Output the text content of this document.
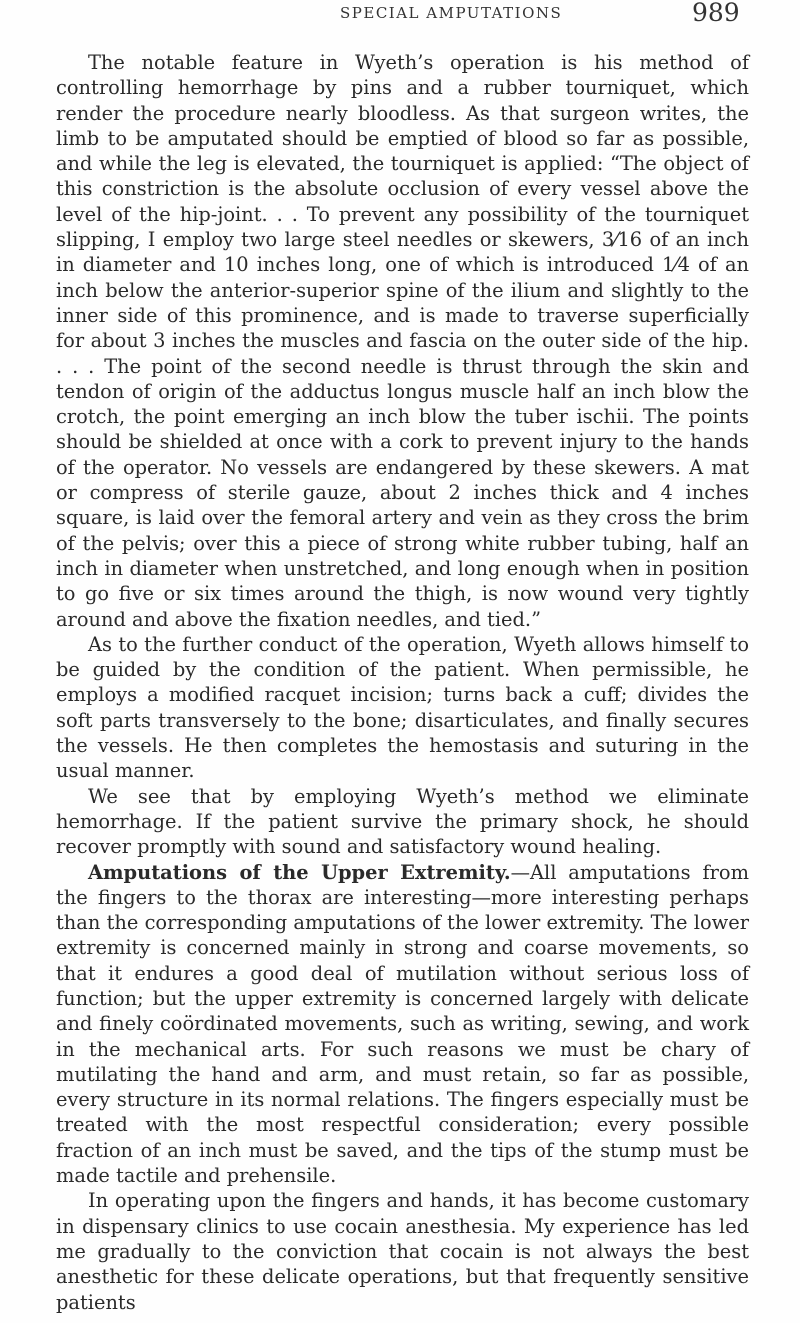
SPECIAL AMPUTATIONS	989

The notable feature in Wyeth’s operation is his method of controlling hemorrhage by pins and a rubber tourniquet, which render the procedure nearly bloodless. As that surgeon writes, the limb to be amputated should be emptied of blood so far as possible, and while the leg is elevated, the tourniquet is applied: “The object of this constriction is the absolute occlusion of every vessel above the level of the hip-joint. . . To prevent any possibility of the tourniquet slipping, I employ two large steel needles or skewers, 3⁄16 of an inch in diameter and 10 inches long, one of which is introduced 1⁄4 of an inch below the anterior-superior spine of the ilium and slightly to the inner side of this prominence, and is made to traverse superficially for about 3 inches the muscles and fascia on the outer side of the hip. . . . The point of the second needle is thrust through the skin and tendon of origin of the adductus longus muscle half an inch blow the crotch, the point emerging an inch blow the tuber ischii. The points should be shielded at once with a cork to prevent injury to the hands of the operator. No vessels are endangered by these skewers. A mat or compress of sterile gauze, about 2 inches thick and 4 inches square, is laid over the femoral artery and vein as they cross the brim of the pelvis; over this a piece of strong white rubber tubing, half an inch in diameter when unstretched, and long enough when in position to go five or six times around the thigh, is now wound very tightly around and above the fixation needles, and tied.”

As to the further conduct of the operation, Wyeth allows himself to be guided by the condition of the patient. When permissible, he employs a modified racquet incision; turns back a cuff; divides the soft parts transversely to the bone; disarticulates, and finally secures the vessels. He then completes the hemostasis and suturing in the usual manner.

We see that by employing Wyeth’s method we eliminate hemorrhage. If the patient survive the primary shock, he should recover promptly with sound and satisfactory wound healing.

Amputations of the Upper Extremity.—All amputations from the fingers to the thorax are interesting—more interesting perhaps than the corresponding amputations of the lower extremity. The lower extremity is concerned mainly in strong and coarse movements, so that it endures a good deal of mutilation without serious loss of function; but the upper extremity is concerned largely with delicate and finely coördinated movements, such as writing, sewing, and work in the mechanical arts. For such reasons we must be chary of mutilating the hand and arm, and must retain, so far as possible, every structure in its normal relations. The fingers especially must be treated with the most respectful consideration; every possible fraction of an inch must be saved, and the tips of the stump must be made tactile and prehensile.

In operating upon the fingers and hands, it has become customary in dispensary clinics to use cocain anesthesia. My experience has led me gradually to the conviction that cocain is not always the best anesthetic for these delicate operations, but that frequently sensitive patients
